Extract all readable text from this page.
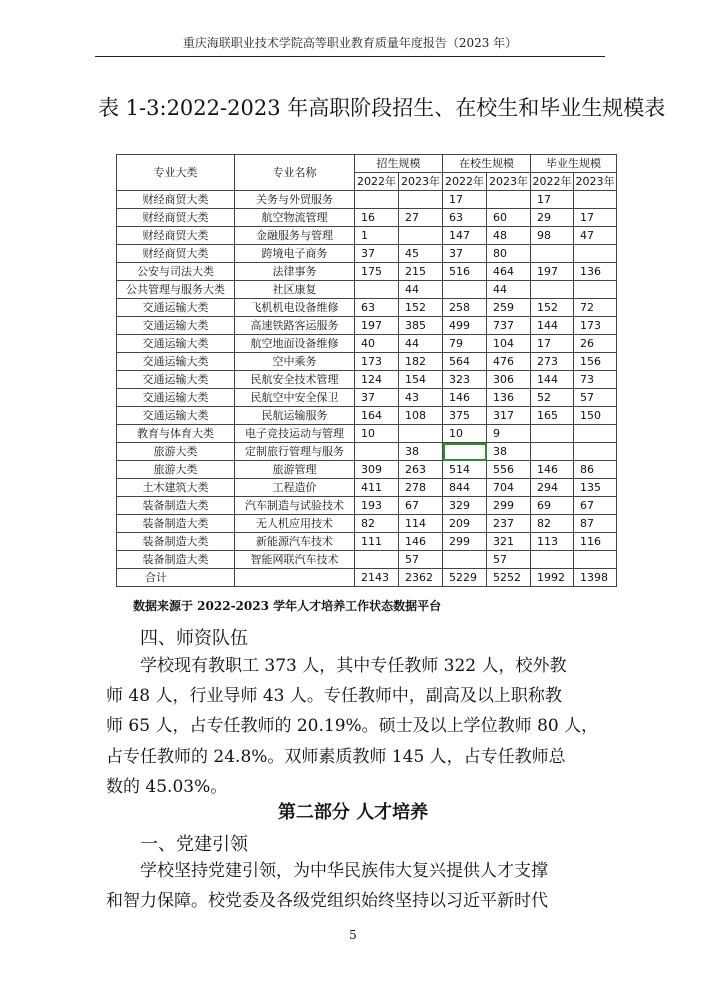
重庆海联职业技术学院高等职业教育质量年度报告（2023 年）
表 1-3:2022-2023 年高职阶段招生、在校生和毕业生规模表
专业大类	专业名称	招生规模		在校生规模		毕业生规模	
		2022年	2023年	2022年	2023年	2022年	2023年
财经商贸大类	关务与外贸服务			17		17	
财经商贸大类	航空物流管理	16	27	63	60	29	17
财经商贸大类	金融服务与管理	1		147	48	98	47
财经商贸大类	跨境电子商务	37	45	37	80		
公安与司法大类	法律事务	175	215	516	464	197	136
公共管理与服务大类	社区康复		44		44		
交通运输大类	飞机机电设备维修	63	152	258	259	152	72
交通运输大类	高速铁路客运服务	197	385	499	737	144	173
交通运输大类	航空地面设备维修	40	44	79	104	17	26
交通运输大类	空中乘务	173	182	564	476	273	156
交通运输大类	民航安全技术管理	124	154	323	306	144	73
交通运输大类	民航空中安全保卫	37	43	146	136	52	57
交通运输大类	民航运输服务	164	108	375	317	165	150
教育与体育大类	电子竞技运动与管理	10		10	9		
旅游大类	定制旅行管理与服务		38		38		
旅游大类	旅游管理	309	263	514	556	146	86
土木建筑大类	工程造价	411	278	844	704	294	135
装备制造大类	汽车制造与试验技术	193	67	329	299	69	67
装备制造大类	无人机应用技术	82	114	209	237	82	87
装备制造大类	新能源汽车技术	111	146	299	321	113	116
装备制造大类	智能网联汽车技术		57		57		
合计		2143	2362	5229	5252	1992	1398
数据来源于 2022-2023 学年人才培养工作状态数据平台
四、师资队伍
学校现有教职工 373 人，其中专任教师 322 人，校外教
师 48 人，行业导师 43 人。专任教师中，副高及以上职称教
师 65 人，占专任教师的 20.19%。硕士及以上学位教师 80 人，
占专任教师的 24.8%。双师素质教师 145 人，占专任教师总
数的 45.03%。
第二部分 人才培养
一、党建引领
学校坚持党建引领，为中华民族伟大复兴提供人才支撑
和智力保障。校党委及各级党组织始终坚持以习近平新时代
5
